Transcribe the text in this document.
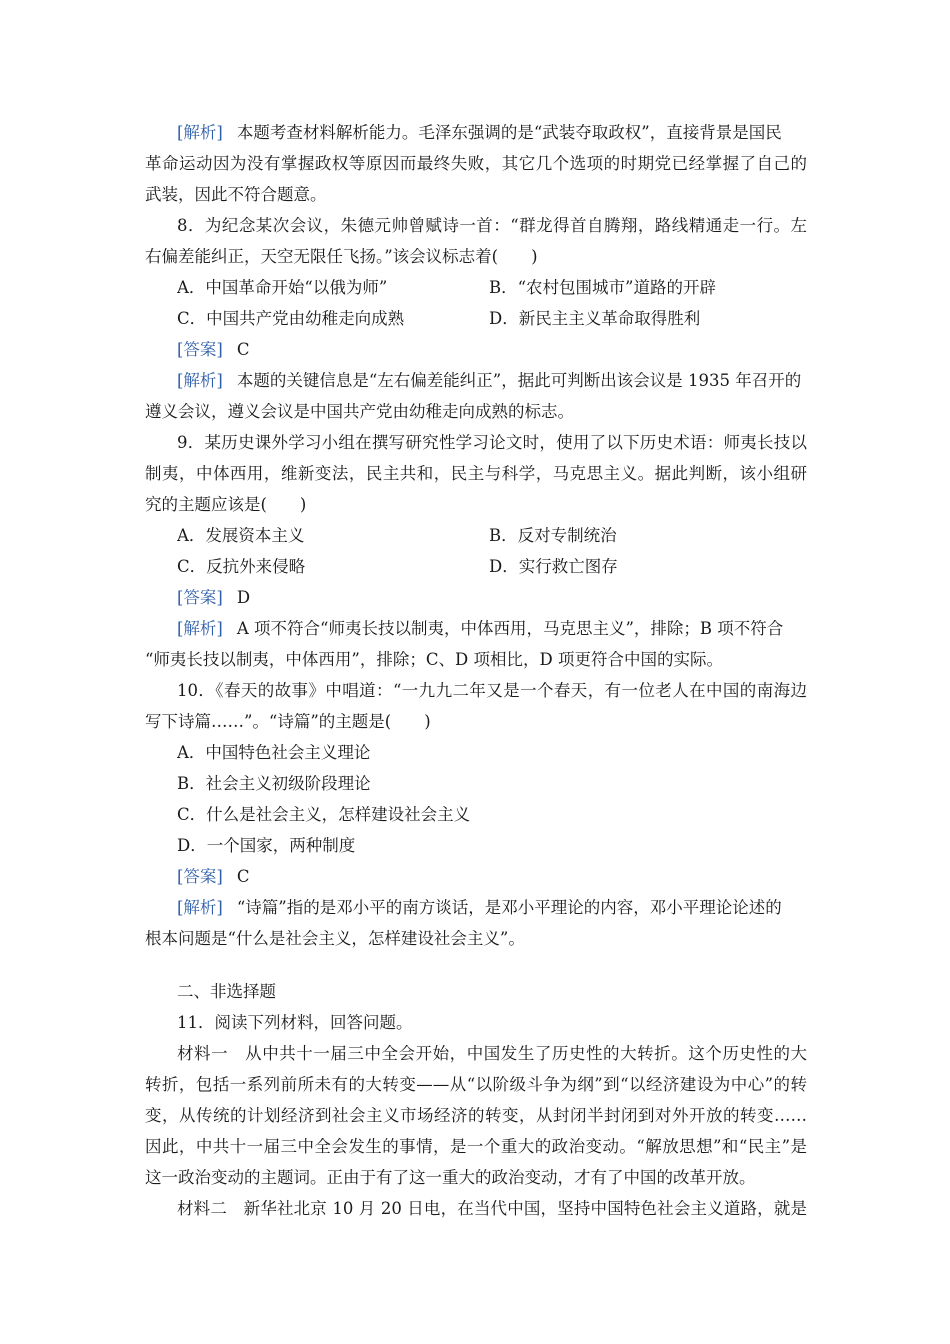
[解析] 本题考查材料解析能力。毛泽东强调的是“武装夺取政权”，直接背景是国民
革命运动因为没有掌握政权等原因而最终失败，其它几个选项的时期党已经掌握了自己的
武装，因此不符合题意。
8．为纪念某次会议，朱德元帅曾赋诗一首：“群龙得首自腾翔，路线精通走一行。左
右偏差能纠正，天空无限任飞扬。”该会议标志着(　　)
A．中国革命开始“以俄为师”	B．“农村包围城市”道路的开辟
C．中国共产党由幼稚走向成熟	D．新民主主义革命取得胜利
[答案] C
[解析] 本题的关键信息是“左右偏差能纠正”，据此可判断出该会议是 1935 年召开的
遵义会议，遵义会议是中国共产党由幼稚走向成熟的标志。
9．某历史课外学习小组在撰写研究性学习论文时，使用了以下历史术语：师夷长技以
制夷，中体西用，维新变法，民主共和，民主与科学，马克思主义。据此判断，该小组研
究的主题应该是(　　)
A．发展资本主义	B．反对专制统治
C．反抗外来侵略	D．实行救亡图存
[答案] D
[解析] A 项不符合“师夷长技以制夷，中体西用，马克思主义”，排除；B 项不符合
“师夷长技以制夷，中体西用”，排除；C、D 项相比，D 项更符合中国的实际。
10．《春天的故事》中唱道：“一九九二年又是一个春天，有一位老人在中国的南海边
写下诗篇……”。“诗篇”的主题是(　　)
A．中国特色社会主义理论
B．社会主义初级阶段理论
C．什么是社会主义，怎样建设社会主义
D．一个国家，两种制度
[答案] C
[解析] “诗篇”指的是邓小平的南方谈话，是邓小平理论的内容，邓小平理论论述的
根本问题是“什么是社会主义，怎样建设社会主义”。
二、非选择题
11．阅读下列材料，回答问题。
材料一　从中共十一届三中全会开始，中国发生了历史性的大转折。这个历史性的大
转折，包括一系列前所未有的大转变——从“以阶级斗争为纲”到“以经济建设为中心”的转
变，从传统的计划经济到社会主义市场经济的转变，从封闭半封闭到对外开放的转变……
因此，中共十一届三中全会发生的事情，是一个重大的政治变动。“解放思想”和“民主”是
这一政治变动的主题词。正由于有了这一重大的政治变动，才有了中国的改革开放。
材料二　新华社北京 10 月 20 日电，在当代中国，坚持中国特色社会主义道路，就是
